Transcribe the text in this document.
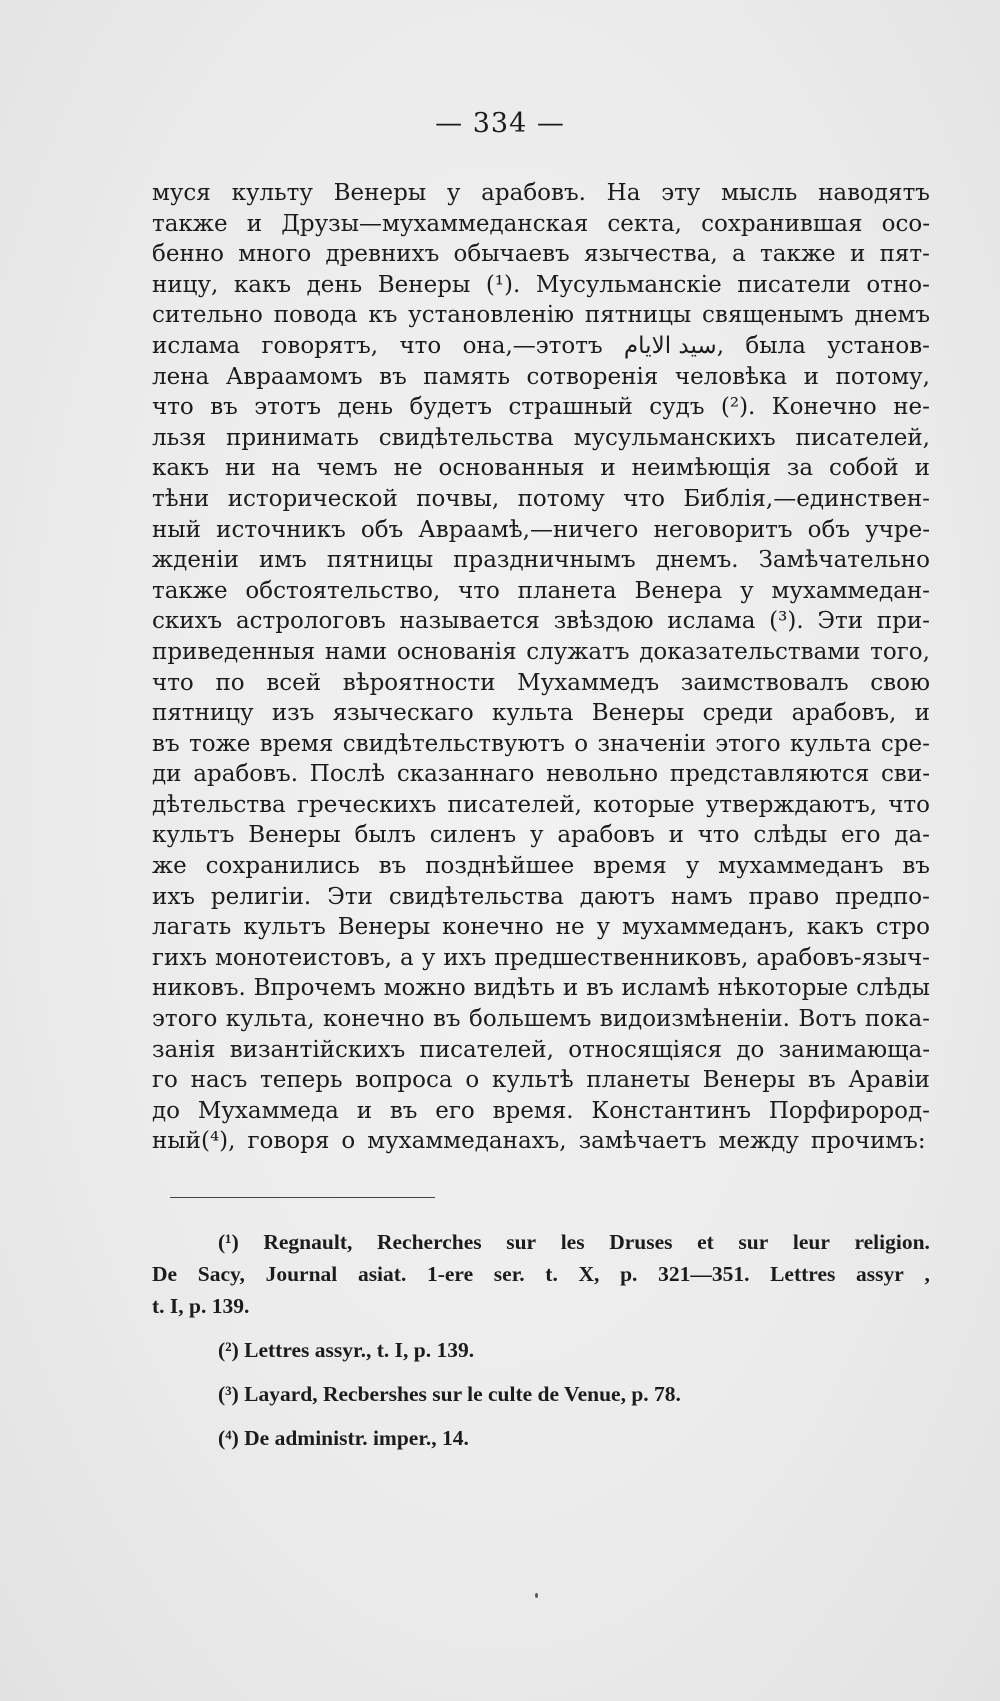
— 334 —
муся культу Венеры у арабовъ. На эту мысль наводятъ
также и Друзы—мухаммеданская секта, сохранившая осо-
бенно много древнихъ обычаевъ язычества, а также и пят-
ницу, какъ день Венеры (¹). Мусульманскіе писатели отно-
сительно повода къ установленію пятницы священымъ днемъ
ислама говорятъ, что она,—этотъ سيد الايام, была установ-
лена Авраамомъ въ память сотворенія человѣка и потому,
что въ этотъ день будетъ страшный судъ (²). Конечно не-
льзя принимать свидѣтельства мусульманскихъ писателей,
какъ ни на чемъ не основанныя и неимѣющія за собой и
тѣни исторической почвы, потому что Библія,—единствен-
ный источникъ объ Авраамѣ,—ничего неговоритъ объ учре-
жденіи имъ пятницы праздничнымъ днемъ. Замѣчательно
также обстоятельство, что планета Венера у мухаммедан-
скихъ астрологовъ называется звѣздою ислама (³). Эти при-
приведенныя нами основанія служатъ доказательствами того,
что по всей вѣроятности Мухаммедъ заимствовалъ свою
пятницу изъ языческаго культа Венеры среди арабовъ, и
въ тоже время свидѣтельствуютъ о значеніи этого культа сре-
ди арабовъ. Послѣ сказаннаго невольно представляются сви-
дѣтельства греческихъ писателей, которые утверждаютъ, что
культъ Венеры былъ силенъ у арабовъ и что слѣды его да-
же сохранились въ позднѣйшее время у мухаммеданъ въ
ихъ религіи. Эти свидѣтельства даютъ намъ право предпо-
лагать культъ Венеры конечно не у мухаммеданъ, какъ стро
гихъ монотеистовъ, а у ихъ предшественниковъ, арабовъ-языч-
никовъ. Впрочемъ можно видѣть и въ исламѣ нѣкоторые слѣды
этого культа, конечно въ большемъ видоизмѣненіи. Вотъ пока-
занія византійскихъ писателей, относящіяся до занимающа-
го насъ теперь вопроса о культѣ планеты Венеры въ Аравіи
до Мухаммеда и въ его время. Константинъ Порфирород-
ный(⁴), говоря о мухаммеданахъ, замѣчаетъ между прочимъ:
(¹) Regnault, Recherches sur les Druses et sur leur religion.
De Sacy, Journal asiat. 1-ere ser. t. X, p. 321—351. Lettres assyr ,
t. I, p. 139.
(²) Lettres assyr., t. I, p. 139.
(³) Layard, Recbershes sur le culte de Venue, p. 78.
(⁴) De administr. imper., 14.
